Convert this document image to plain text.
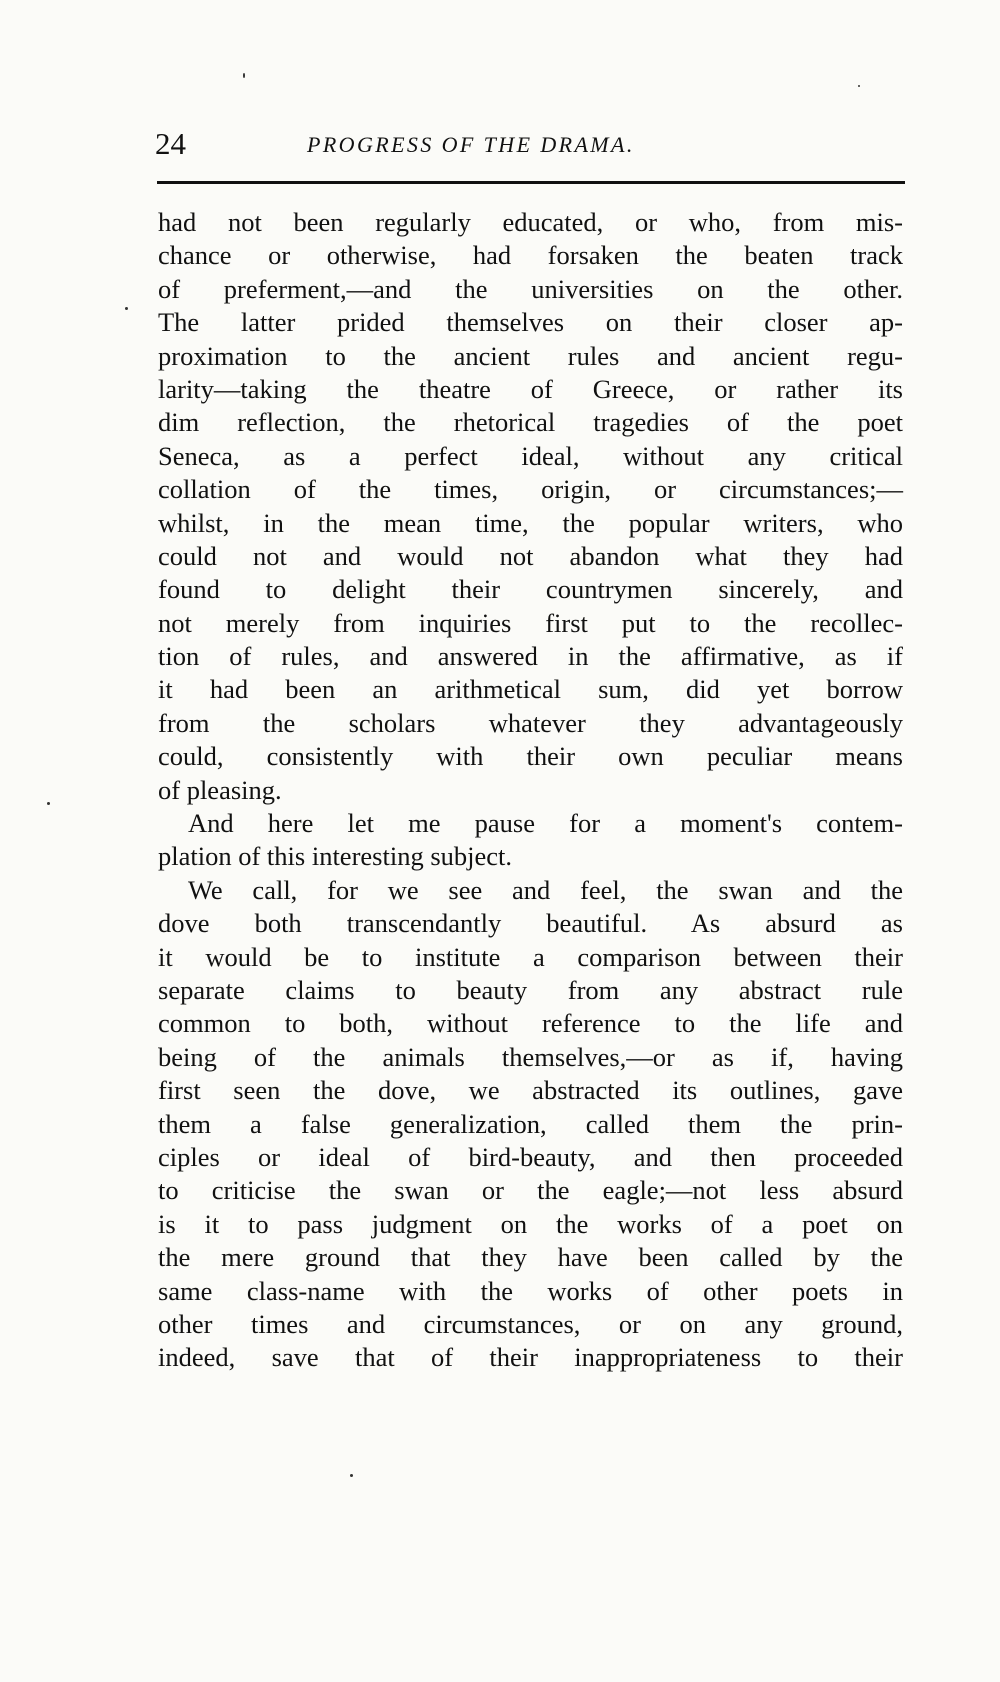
24	PROGRESS OF THE DRAMA.
had not been regularly educated, or who, from mis-
chance or otherwise, had forsaken the beaten track
of preferment,—and the universities on the other.
The latter prided themselves on their closer ap-
proximation to the ancient rules and ancient regu-
larity—taking the theatre of Greece, or rather its
dim reflection, the rhetorical tragedies of the poet
Seneca, as a perfect ideal, without any critical
collation of the times, origin, or circumstances;—
whilst, in the mean time, the popular writers, who
could not and would not abandon what they had
found to delight their countrymen sincerely, and
not merely from inquiries first put to the recollec-
tion of rules, and answered in the affirmative, as if
it had been an arithmetical sum, did yet borrow
from the scholars whatever they advantageously
could, consistently with their own peculiar means
of pleasing.
And here let me pause for a moment's contem-
plation of this interesting subject.
We call, for we see and feel, the swan and the
dove both transcendantly beautiful. As absurd as
it would be to institute a comparison between their
separate claims to beauty from any abstract rule
common to both, without reference to the life and
being of the animals themselves,—or as if, having
first seen the dove, we abstracted its outlines, gave
them a false generalization, called them the prin-
ciples or ideal of bird-beauty, and then proceeded
to criticise the swan or the eagle;—not less absurd
is it to pass judgment on the works of a poet on
the mere ground that they have been called by the
same class-name with the works of other poets in
other times and circumstances, or on any ground,
indeed, save that of their inappropriateness to their
